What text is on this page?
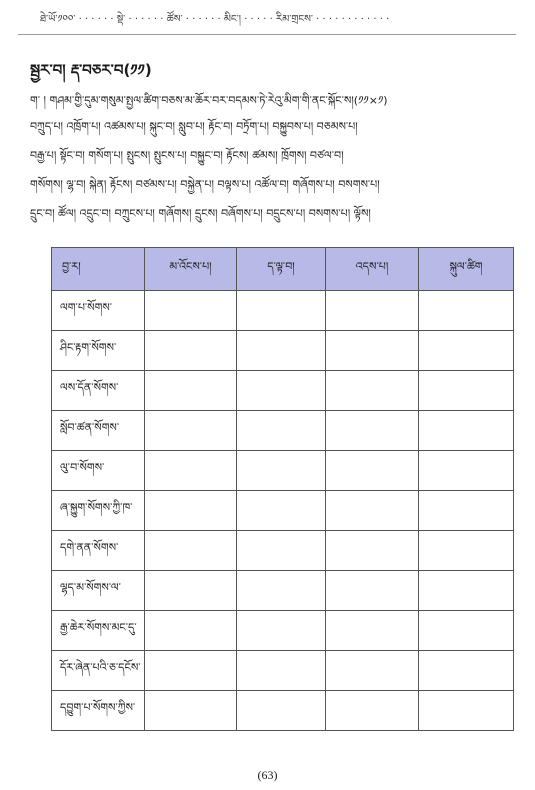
ཐེ་ཡོ་༡༠༠་ · · · · · · སྡེ་ · · · · · · ཚོས་ · · · · · · མིང་། · · · · · རིམ་གྲངས་ · · · · · · · · · · · ·
སྦྱར་བ། རྡ་བཅར་བ(༡༡)
ག་ ། གཤམ་གྱི་དུམ་གསུམ་སྤྱལ་ཚིག་བཅས་མ་ཆོར་བར་བདམས་ཏེ་རེའུ་མིག་གི་ནང་སྐོང་ས།(༡༡×༡)
བཀྲུད་པ། འཁྲོག་པ། འཚམས་པ། སྐུང་བ། སླུབ་པ། རྟོང་བ། བཏྲོག་པ། བསྐྱུབས་པ། བཅམས་པ།
བརྒྱ་པ། སྟོང་བ། གསོག་པ། སྤུངས། སྤུངས་པ། བསྐྱུང་བ། རྟོངས། ཚམས། ཁྲོགས། བཙལ་བ།
གསོགས། ལྷ་བ། སྐེན། རྟོངས། བཙམས་པ། བསྐྱེན་པ། བལྟས་པ། འཚོལ་བ། གཞོགས་པ། བསགས་པ།
དྲུང་བ། ཚོལ། འདྲུང་བ། བཀྲུངས་པ། གཞོགས། དྲུངས། བཞོགས་པ། བདྲུངས་པ། བསགས་པ། ལྟོས།
བྱ་ར།	མ་འོངས་པ།	ད་ལྟ་བ།	འདས་པ།	སྐུལ་ཚིག
ལག་པ་སོགས་				
ཤིང་རྟག་སོགས་				
ལས་དོན་སོགས་				
སློབ་ཚན་སོགས་				
ལུ་བ་སོགས་				
ཞ་སྐྱུག་སོགས་ཀྱི་ཁ་				
དགེ་ནན་སོགས་				
ལྷད་མ་སོགས་ལ་				
རྒྱ་ཆེར་སོགས་མང་དུ་				
དོར་ཞེན་པའི་ཅ་དངོས་				
དབྱུག་པ་སོགས་ཀྱིས་				
(63)
